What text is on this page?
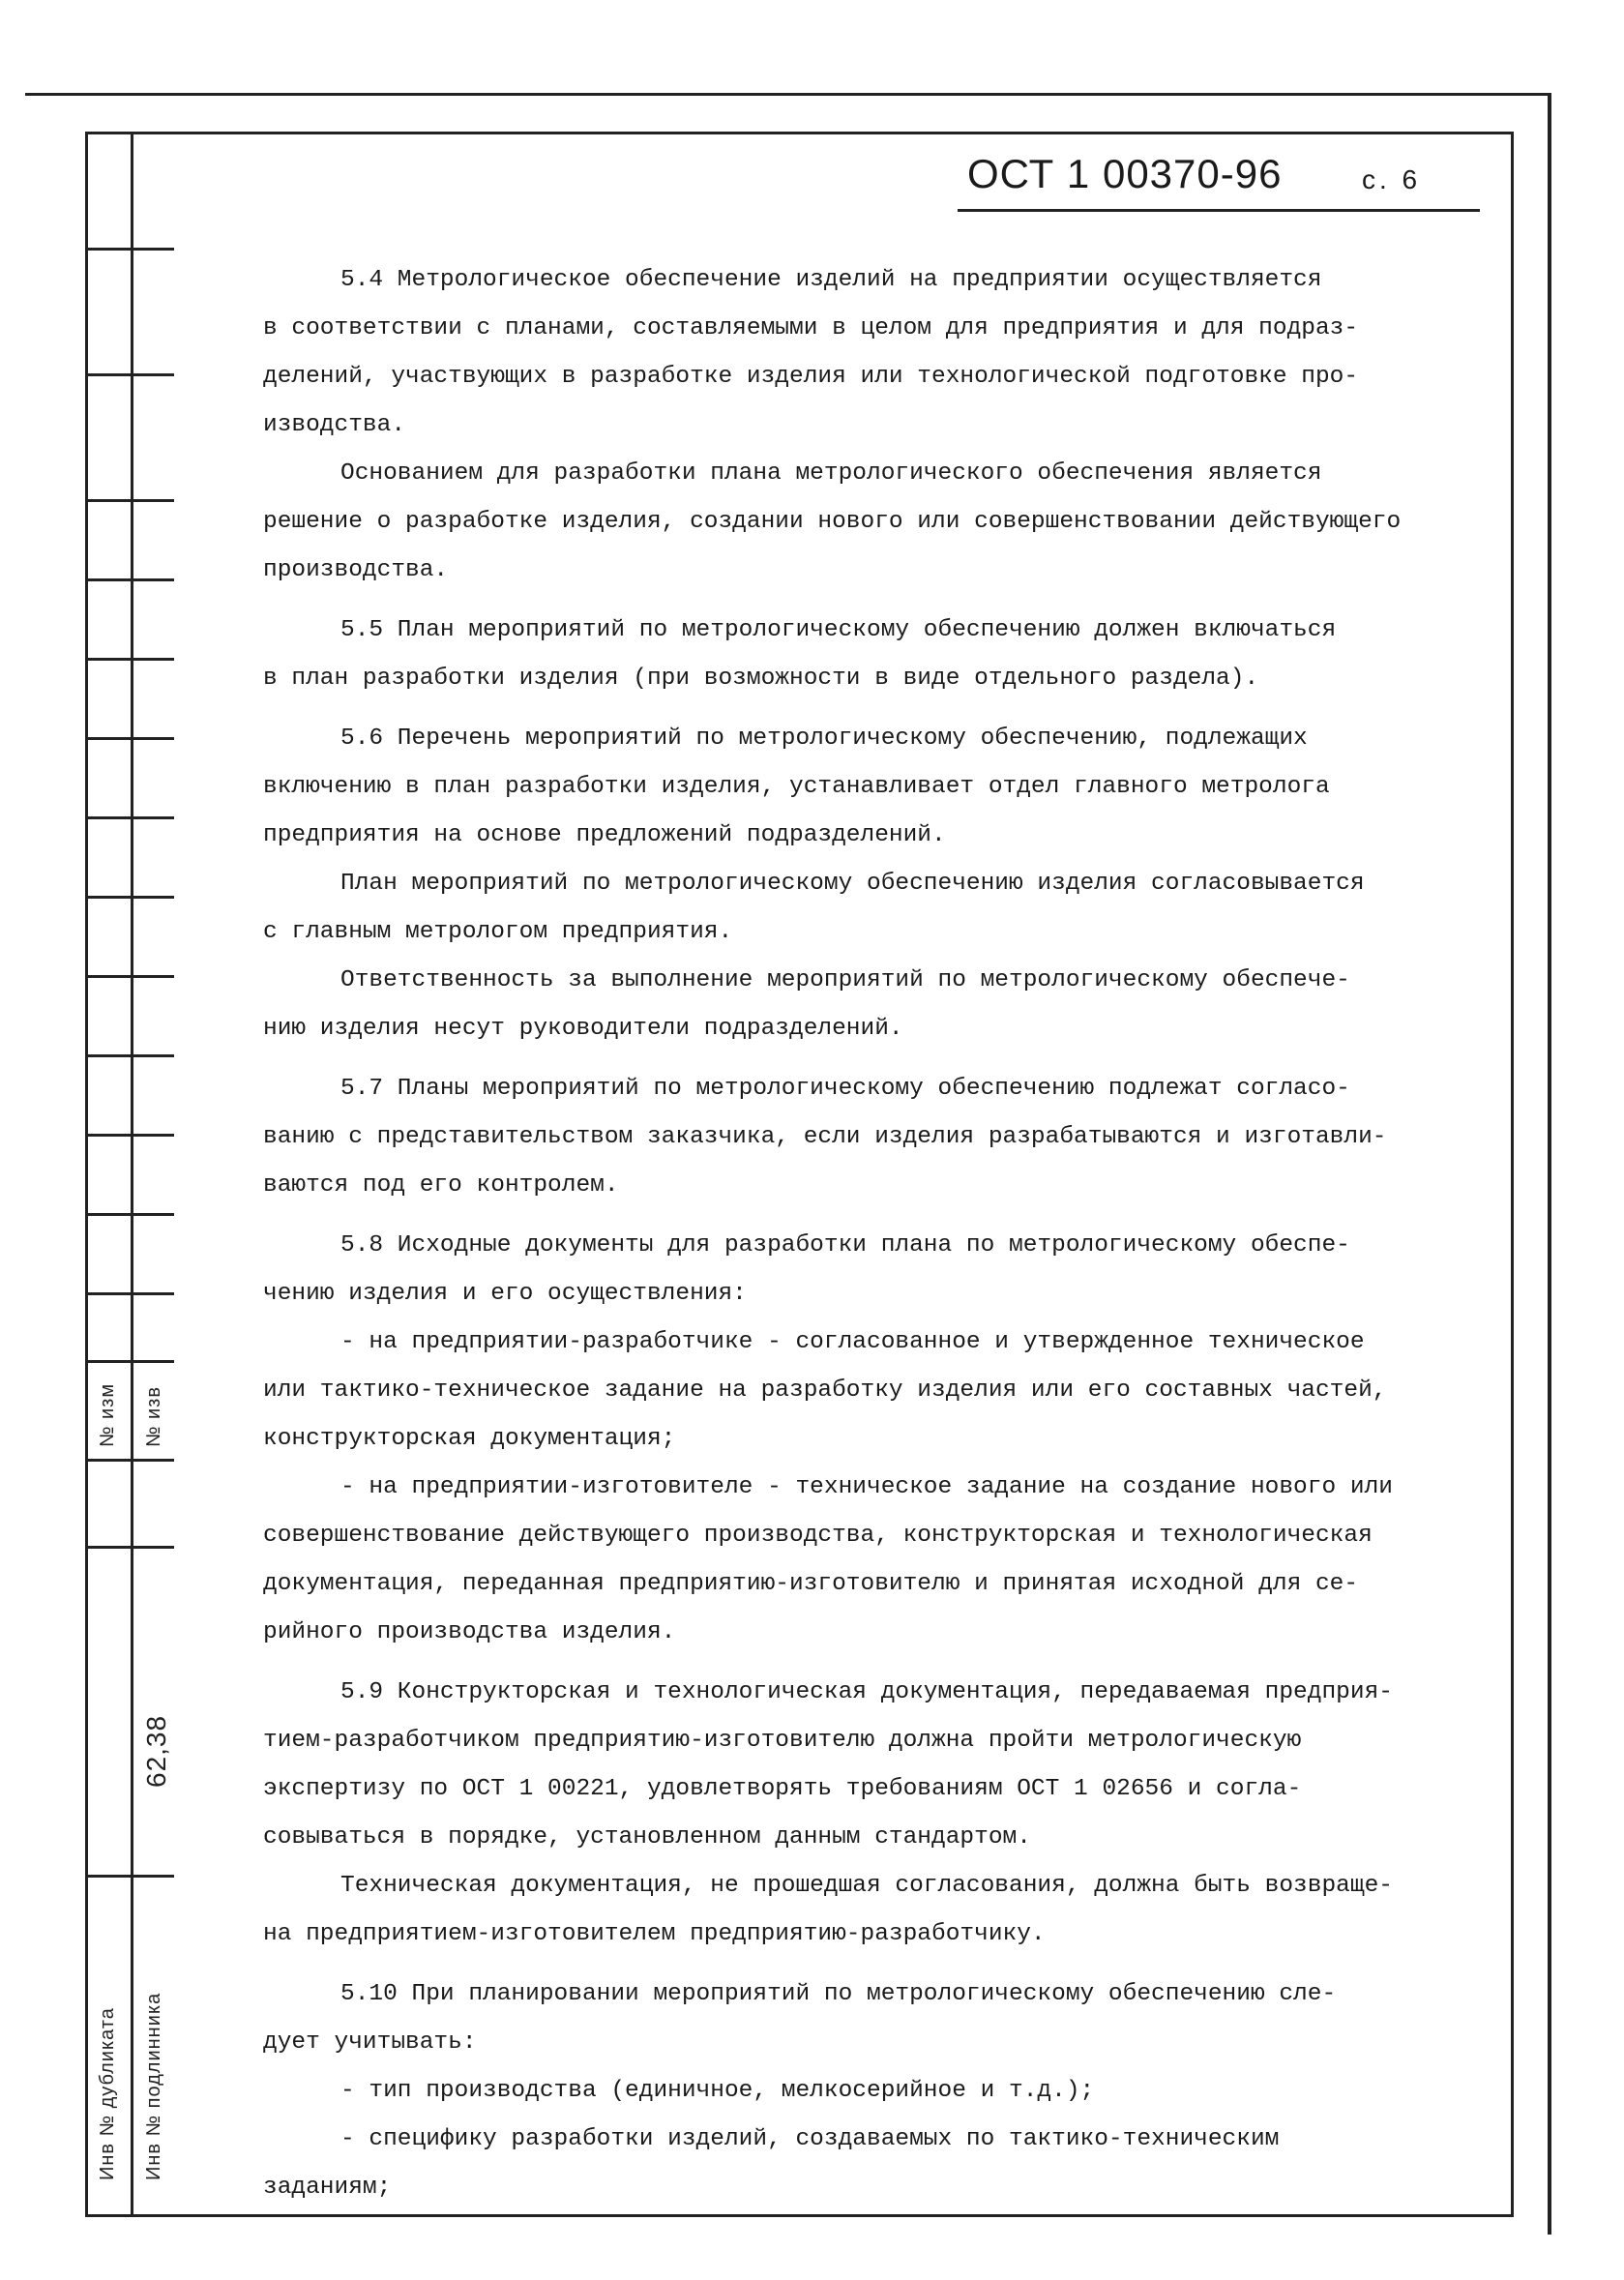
№ изм № изв
62,38
Инв № дубликата Инв № подлинника
ОСТ 1 00370-96	с. 6
5.4 Метрологическое обеспечение изделий на предприятии осуществляется
в соответствии с планами, составляемыми в целом для предприятия и для подраз-
делений, участвующих в разработке изделия или технологической подготовке про-
изводства.
Основанием для разработки плана метрологического обеспечения является
решение о разработке изделия, создании нового или совершенствовании действующего
производства.
5.5 План мероприятий по метрологическому обеспечению должен включаться
в план разработки изделия (при возможности в виде отдельного раздела).
5.6 Перечень мероприятий по метрологическому обеспечению, подлежащих
включению в план разработки изделия, устанавливает отдел главного метролога
предприятия на основе предложений подразделений.
План мероприятий по метрологическому обеспечению изделия согласовывается
с главным метрологом предприятия.
Ответственность за выполнение мероприятий по метрологическому обеспече-
нию изделия несут руководители подразделений.
5.7 Планы мероприятий по метрологическому обеспечению подлежат согласо-
ванию с представительством заказчика, если изделия разрабатываются и изготавли-
ваются под его контролем.
5.8 Исходные документы для разработки плана по метрологическому обеспе-
чению изделия и его осуществления:
- на предприятии-разработчике - согласованное и утвержденное техническое
или тактико-техническое задание на разработку изделия или его составных частей,
конструкторская документация;
- на предприятии-изготовителе - техническое задание на создание нового или
совершенствование действующего производства, конструкторская и технологическая
документация, переданная предприятию-изготовителю и принятая исходной для се-
рийного производства изделия.
5.9 Конструкторская и технологическая документация, передаваемая предприя-
тием-разработчиком предприятию-изготовителю должна пройти метрологическую
экспертизу по ОСТ 1 00221, удовлетворять требованиям ОСТ 1 02656 и согла-
совываться в порядке, установленном данным стандартом.
Техническая документация, не прошедшая согласования, должна быть возвраще-
на предприятием-изготовителем предприятию-разработчику.
5.10 При планировании мероприятий по метрологическому обеспечению сле-
дует учитывать:
- тип производства (единичное, мелкосерийное и т.д.);
- специфику разработки изделий, создаваемых по тактико-техническим
заданиям;
